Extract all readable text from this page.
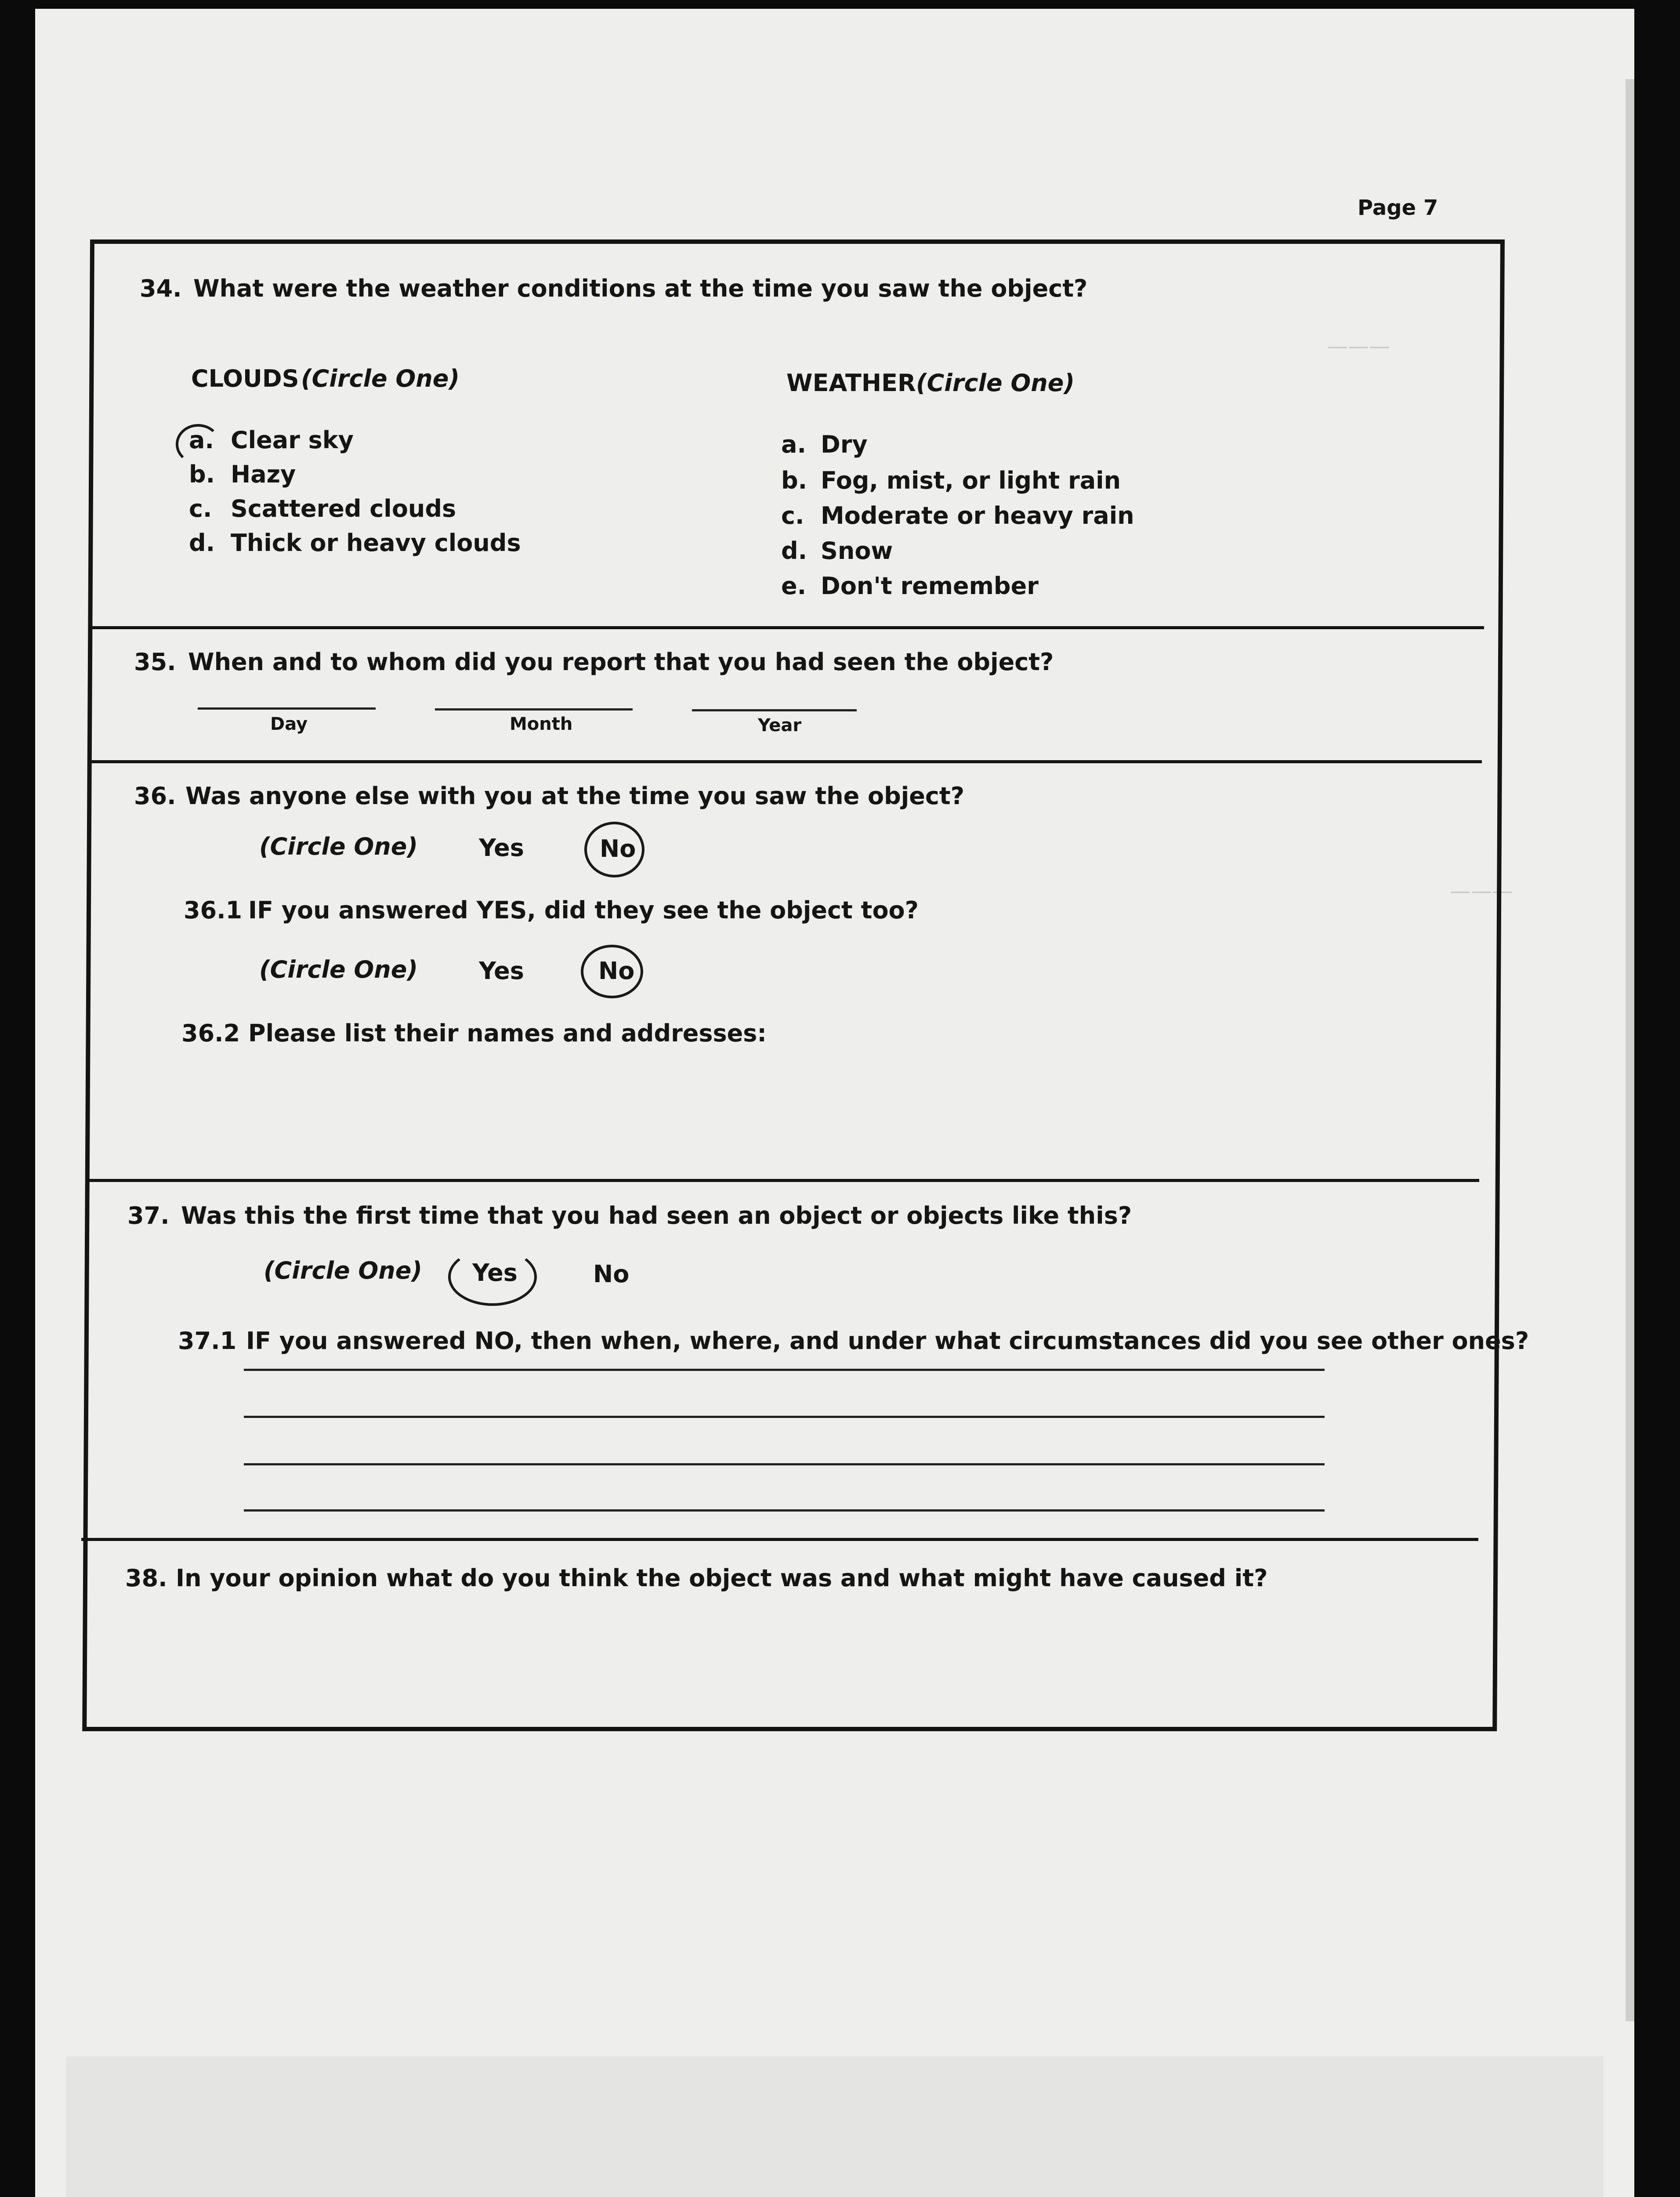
———
———
Page 7
34. What were the weather conditions at the time you saw the object?
CLOUDS (Circle One)
a. Clear sky
b. Hazy
c. Scattered clouds
d. Thick or heavy clouds
WEATHER (Circle One)
a. Dry
b. Fog, mist, or light rain
c. Moderate or heavy rain
d. Snow
e. Don't remember
35. When and to whom did you report that you had seen the object?
Day	Month	Year
36. Was anyone else with you at the time you saw the object?
(Circle One)	Yes	No
36.1 IF you answered YES, did they see the object too?
(Circle One)	Yes	No
36.2 Please list their names and addresses:
37. Was this the first time that you had seen an object or objects like this?
(Circle One) Yes	No
37.1 IF you answered NO, then when, where, and under what circumstances did you see other ones?
38. In your opinion what do you think the object was and what might have caused it?
